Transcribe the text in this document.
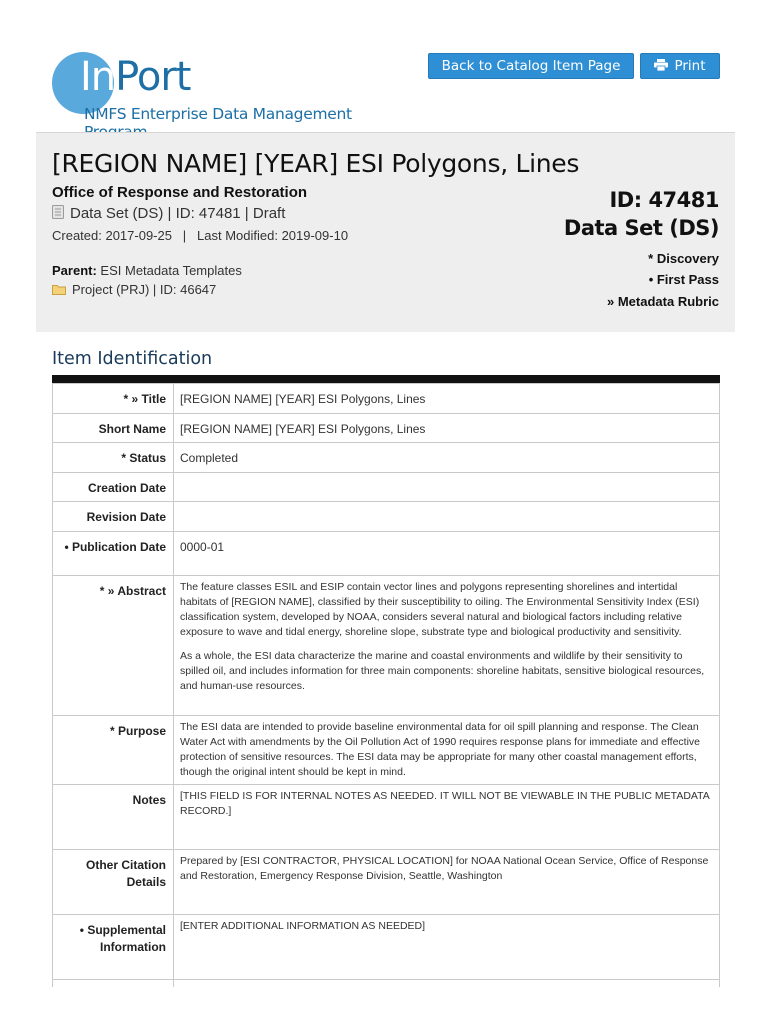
InPort
NMFS Enterprise Data Management
Back to Catalog Item Page	Print
[REGION NAME] [YEAR] ESI Polygons, Lines
Office of Response and Restoration
Data Set (DS) | ID: 47481 | Draft
Created: 2017-09-25   |   Last Modified: 2019-09-10
Parent: ESI Metadata Templates
Project (PRJ) | ID: 46647
ID: 47481
Data Set (DS)
* Discovery
• First Pass
» Metadata Rubric
Item Identification
* » Title	[REGION NAME] [YEAR] ESI Polygons, Lines
Short Name	[REGION NAME] [YEAR] ESI Polygons, Lines
* Status	Completed
Creation Date	
Revision Date	
• Publication Date	0000-01
* » Abstract	The feature classes ESIL and ESIP contain vector lines and polygons representing shorelines and intertidal habitats of [REGION NAME], classified by their susceptibility to oiling. The Environmental Sensitivity Index (ESI) classification system, developed by NOAA, considers several natural and biological factors including relative exposure to wave and tidal energy, shoreline slope, substrate type and biological productivity and sensitivity.

As a whole, the ESI data characterize the marine and coastal environments and wildlife by their sensitivity to spilled oil, and includes information for three main components: shoreline habitats, sensitive biological resources, and human-use resources.

* Purpose	The ESI data are intended to provide baseline environmental data for oil spill planning and response. The Clean Water Act with amendments by the Oil Pollution Act of 1990 requires response plans for immediate and effective protection of sensitive resources. The ESI data may be appropriate for many other coastal management efforts, though the original intent should be kept in mind.
Notes	[THIS FIELD IS FOR INTERNAL NOTES AS NEEDED. IT WILL NOT BE VIEWABLE IN THE PUBLIC METADATA RECORD.]
Other Citation Details	Prepared by [ESI CONTRACTOR, PHYSICAL LOCATION] for NOAA National Ocean Service, Office of Response and Restoration, Emergency Response Division, Seattle, Washington
• Supplemental Information	[ENTER ADDITIONAL INFORMATION AS NEEDED]
